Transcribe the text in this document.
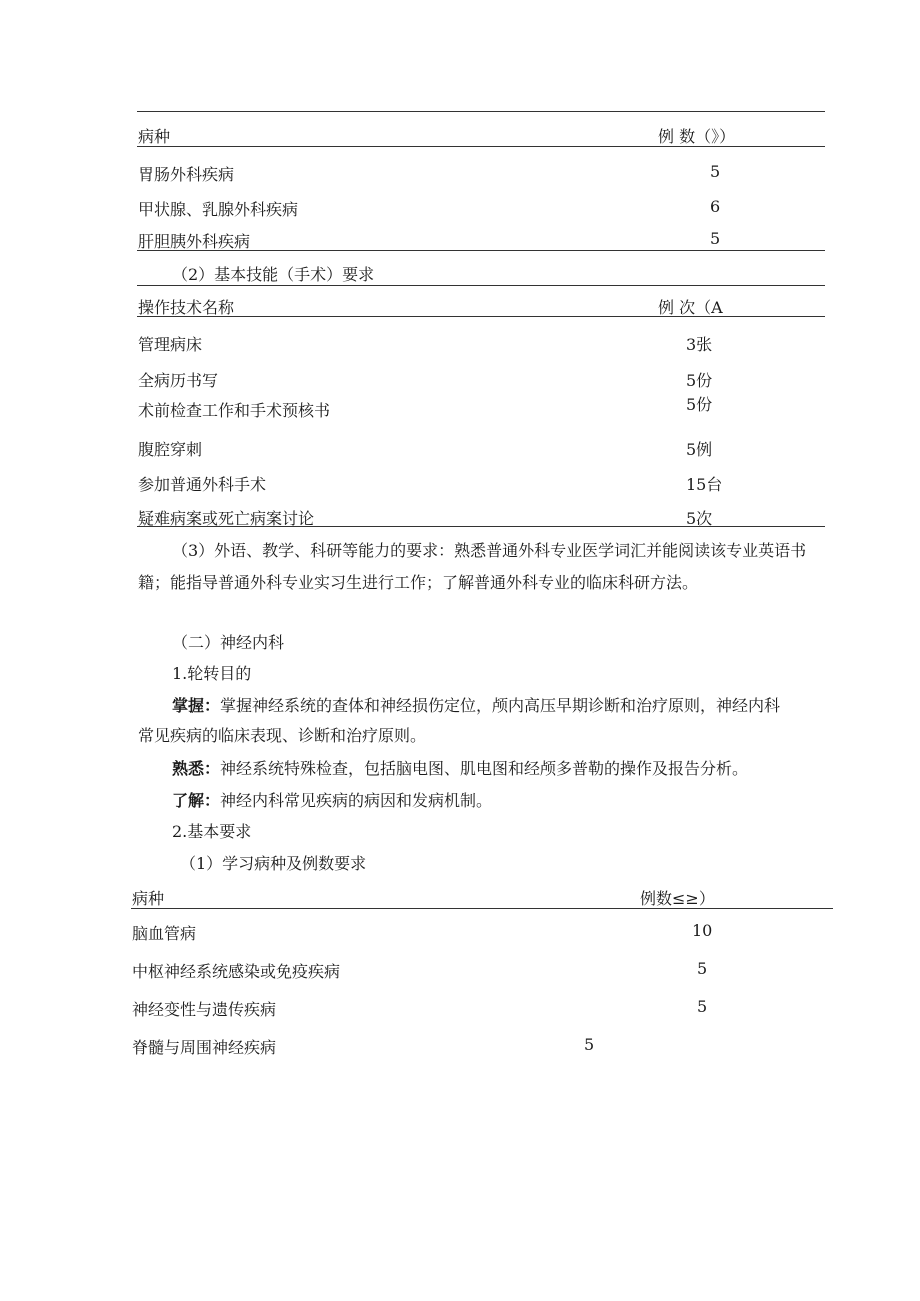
病种	例 数（》）
胃肠外科疾病	5
甲状腺、乳腺外科疾病	6
肝胆胰外科疾病	5
（2）基本技能（手术）要求
操作技术名称	例 次（A
管理病床	3张
全病历书写	5份
术前检查工作和手术预核书	5份
腹腔穿刺	5例
参加普通外科手术	15台
疑难病案或死亡病案讨论	5次
（3）外语、教学、科研等能力的要求：熟悉普通外科专业医学词汇并能阅读该专业英语书
籍；能指导普通外科专业实习生进行工作；了解普通外科专业的临床科研方法。
（二）神经内科
1.轮转目的
掌握：掌握神经系统的查体和神经损伤定位，颅内高压早期诊断和治疗原则，神经内科
常见疾病的临床表现、诊断和治疗原则。
熟悉：神经系统特殊检查，包括脑电图、肌电图和经颅多普勒的操作及报告分析。
了解：神经内科常见疾病的病因和发病机制。
2.基本要求
（1）学习病种及例数要求
病种	例数≤≥）
脑血管病	10
中枢神经系统感染或免疫疾病	5
神经变性与遗传疾病	5
脊髓与周围神经疾病	5
